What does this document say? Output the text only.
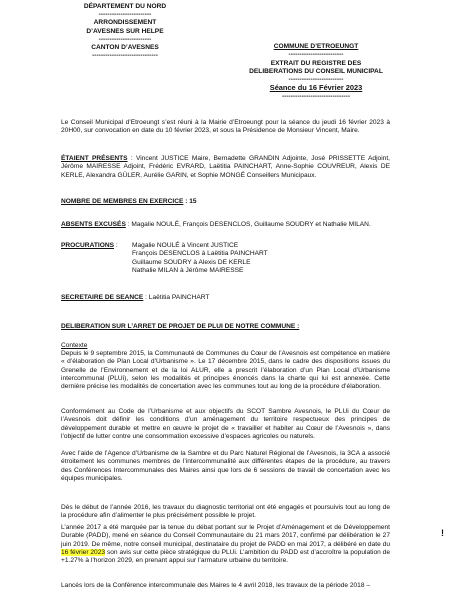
DÉPARTEMENT DU NORD
------------------------
ARRONDISSEMENT
D’AVESNES SUR HELPE
------------------------
CANTON D’AVESNES
------------------------------
COMMUNE D’ETROEUNGT
-------------------------
EXTRAIT DU REGISTRE DES
DELIBERATIONS DU CONSEIL MUNICIPAL
-------------------------
Séance du 16 Février 2023
-------------------------------

Le Conseil Municipal d’Etroeungt s’est réuni à la Mairie d’Etroeungt pour la séance du jeudi 16 février 2023 à 20H00, sur convocation en date du 10 février 2023, et sous la Présidence de Monsieur Vincent, Maire.

ÉTAIENT PRÉSENTS : Vincent JUSTICE Maire, Bernadette GRANDIN Adjointe, José PRISSETTE Adjoint, Jérôme MAIRESSE Adjoint, Frédéric EVRARD, Laëtitia PAINCHART, Anne-Sophie COUVREUR, Alexis DE KERLE, Alexandra GÜLER, Aurélie GARIN, et Sophie MONGÉ Conseillers Municipaux.

NOMBRE DE MEMBRES EN EXERCICE : 15
ABSENTS EXCUSÉS : Magalie NOULÉ, François DESENCLOS, Guillaume SOUDRY et Nathalie MILAN.
PROCURATIONS : Magalie NOULÉ à Vincent JUSTICE
François DESENCLOS à Laëtitia PAINCHART
Guillaume SOUDRY à Alexis DE KERLE
Nathalie MILAN à Jérôme MAIRESSE
SECRETAIRE DE SEANCE : Laëtitia PAINCHART
DELIBERATION SUR L’ARRET DE PROJET DE PLUI DE NOTRE COMMUNE :
Contexte

Depuis le 9 septembre 2015, la Communauté de Communes du Cœur de l’Avesnois est compétence en matière « d’élaboration de Plan Local d’Urbanisme ». Le 17 décembre 2015, dans le cadre des dispositions issues du Grenelle de l’Environnement et de la loi ALUR, elle a prescrit l’élaboration d’un Plan Local d’Urbanisme intercommunal (PLUi), selon les modalités et principes énoncés dans la charte qui lui est annexée. Cette dernière précise les modalités de concertation avec les communes tout au long de la procédure d’élaboration.

Conformément au Code de l’Urbanisme et aux objectifs du SCOT Sambre Avesnois, le PLUi du Cœur de l’Avesnois doit définir les conditions d’un aménagement du territoire respectueux des principes de développement durable et mettre en œuvre le projet de « travailler et habiter au Cœur de l’Avesnois », dans l’objectif de lutter contre une consommation excessive d’espaces agricoles ou naturels.

Avec l’aide de l’Agence d’Urbanisme de la Sambre et du Parc Naturel Régional de l’Avesnois, la 3CA a associé étroitement les communes membres de l’intercommunalité aux différentes étapes de la procédure, au travers des Conférences Intercommunales des Maires ainsi que lors de 6 sessions de travail de concertation avec les équipes municipales.

Dès le début de l’année 2016, les travaux du diagnostic territorial ont été engagés et poursuivis tout au long de la procédure afin d’alimenter le plus précisément possible le projet.

L’année 2017 a été marquée par la tenue du débat portant sur le Projet d’Aménagement et de Développement Durable (PADD), mené en séance du Conseil Communautaire du 21 mars 2017, confirmé par délibération le 27 juin 2019. De même, notre conseil municipal, destinataire du projet de PADD en mai 2017, a délibéré en date du 16 février 2023 son avis sur cette pièce stratégique du PLUi. L’ambition du PADD est d’accroître la population de +1.27% à l’horizon 2029, en prenant appui sur l’armature urbaine du territoire.

Lancés lors de la Conférence intercommunale des Maires le 4 avril 2018, les travaux de la période 2018 –

!
